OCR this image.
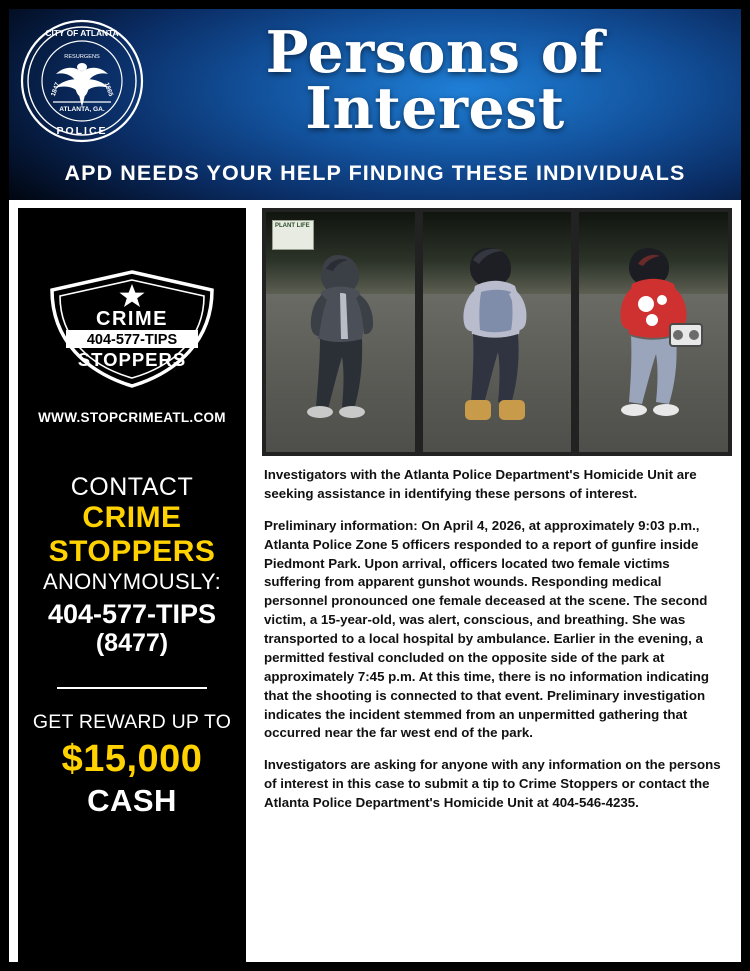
CITY OF ATLANTA
RESURGENS
1847	1865
ATLANTA, GA.
POLICE
Persons of
Interest
APD NEEDS YOUR HELP FINDING THESE INDIVIDUALS
CRIME
404-577-TIPS
STOPPERS
WWW.STOPCRIMEATL.COM
CONTACT
CRIME
STOPPERS
ANONYMOUSLY:
404-577-TIPS
(8477)
GET REWARD UP TO
$15,000
CASH
PLANT LIFE

Investigators with the Atlanta Police Department's Homicide Unit are seeking assistance in identifying these persons of interest.

Preliminary information: On April 4, 2026, at approximately 9:03 p.m., Atlanta Police Zone 5 officers responded to a report of gunfire inside Piedmont Park. Upon arrival, officers located two female victims suffering from apparent gunshot wounds. Responding medical personnel pronounced one female deceased at the scene. The second victim, a 15-year-old, was alert, conscious, and breathing. She was transported to a local hospital by ambulance. Earlier in the evening, a permitted festival concluded on the opposite side of the park at approximately 7:45 p.m. At this time, there is no information indicating that the shooting is connected to that event. Preliminary investigation indicates the incident stemmed from an unpermitted gathering that occurred near the far west end of the park.

Investigators are asking for anyone with any information on the persons of interest in this case to submit a tip to Crime Stoppers or contact the Atlanta Police Department's Homicide Unit at 404-546-4235.
